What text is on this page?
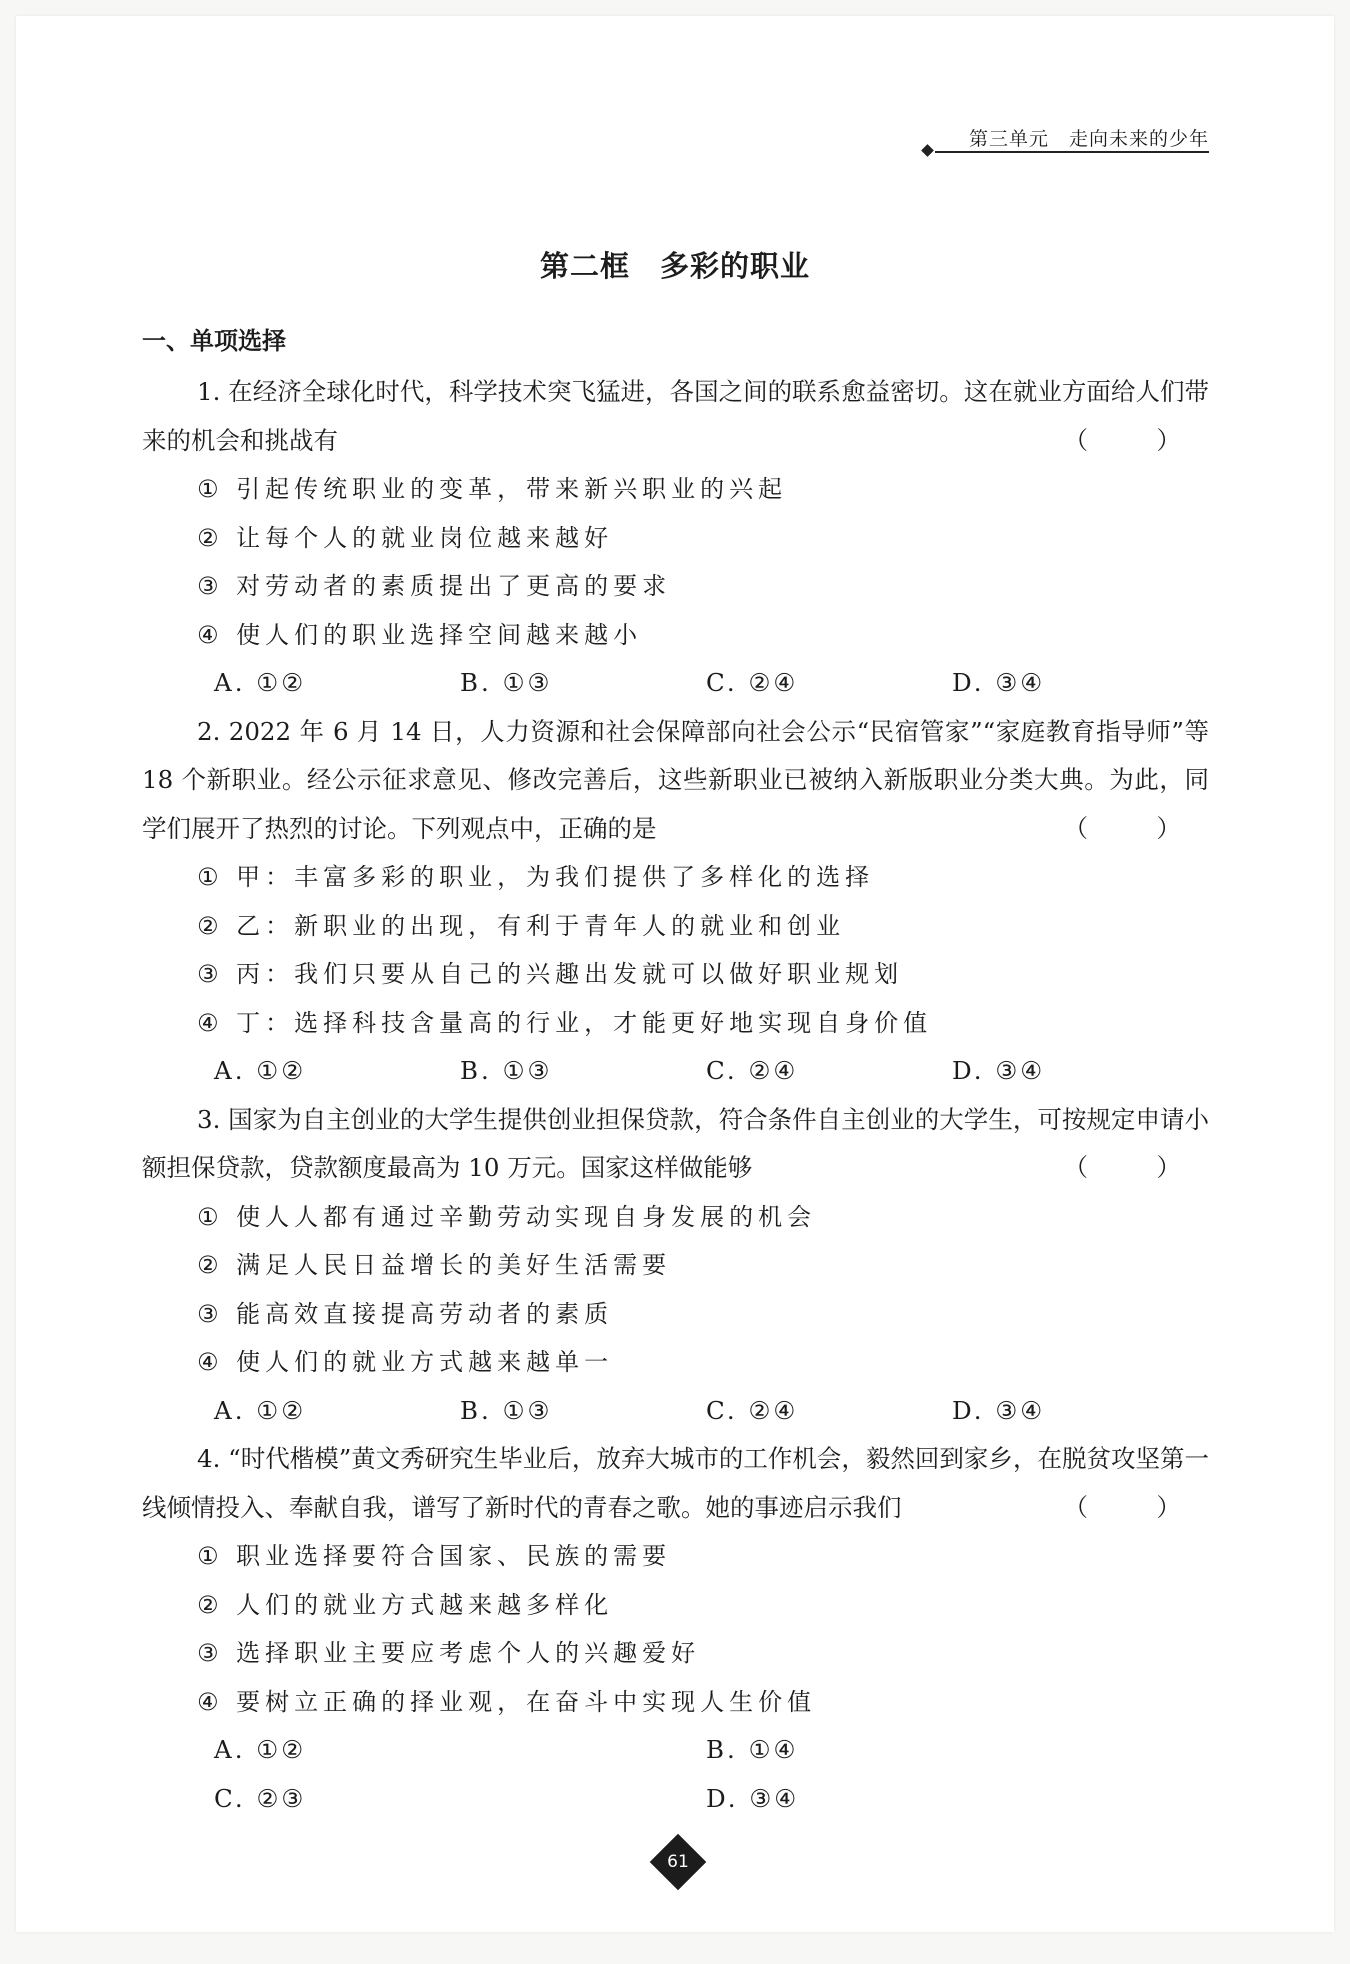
第三单元　走向未来的少年
第二框　多彩的职业
一、单项选择

1. 在经济全球化时代，科学技术突飞猛进，各国之间的联系愈益密切。这在就业方面给人们带来的机会和挑战有	（　）

① 引起传统职业的变革，带来新兴职业的兴起

② 让每个人的就业岗位越来越好

③ 对劳动者的素质提出了更高的要求

④ 使人们的职业选择空间越来越小

A. ①②	B. ①③	C. ②④	D. ③④

2. 2022 年 6 月 14 日，人力资源和社会保障部向社会公示“民宿管家”“家庭教育指导师”等 18 个新职业。经公示征求意见、修改完善后，这些新职业已被纳入新版职业分类大典。为此，同学们展开了热烈的讨论。下列观点中，正确的是	（　）

① 甲：丰富多彩的职业，为我们提供了多样化的选择

② 乙：新职业的出现，有利于青年人的就业和创业

③ 丙：我们只要从自己的兴趣出发就可以做好职业规划

④ 丁：选择科技含量高的行业，才能更好地实现自身价值

A. ①②	B. ①③	C. ②④	D. ③④

3. 国家为自主创业的大学生提供创业担保贷款，符合条件自主创业的大学生，可按规定申请小额担保贷款，贷款额度最高为 10 万元。国家这样做能够	（　）

① 使人人都有通过辛勤劳动实现自身发展的机会

② 满足人民日益增长的美好生活需要

③ 能高效直接提高劳动者的素质

④ 使人们的就业方式越来越单一

A. ①②	B. ①③	C. ②④	D. ③④

4. “时代楷模”黄文秀研究生毕业后，放弃大城市的工作机会，毅然回到家乡，在脱贫攻坚第一线倾情投入、奉献自我，谱写了新时代的青春之歌。她的事迹启示我们	（　）

① 职业选择要符合国家、民族的需要

② 人们的就业方式越来越多样化

③ 选择职业主要应考虑个人的兴趣爱好

④ 要树立正确的择业观，在奋斗中实现人生价值

A. ①②	B. ①④
C. ②③	D. ③④
61
